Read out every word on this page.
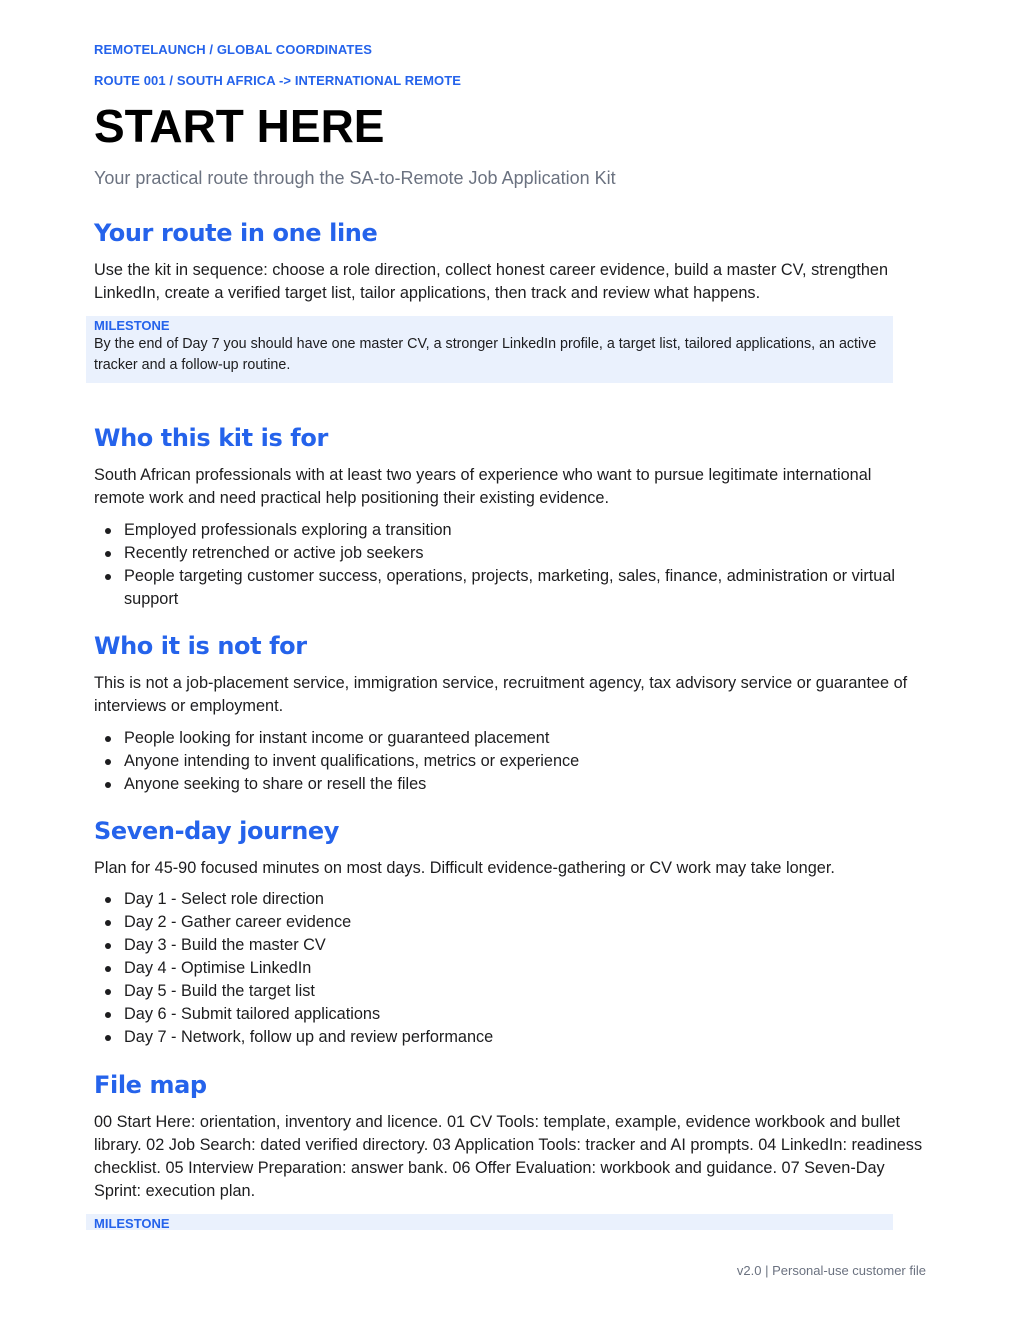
REMOTELAUNCH / GLOBAL COORDINATES
ROUTE 001 / SOUTH AFRICA -> INTERNATIONAL REMOTE
START HERE
Your practical route through the SA-to-Remote Job Application Kit
Your route in one line

Use the kit in sequence: choose a role direction, collect honest career evidence, build a master CV, strengthen LinkedIn, create a verified target list, tailor applications, then track and review what happens.

MILESTONE
By the end of Day 7 you should have one master CV, a stronger LinkedIn profile, a target list, tailored applications, an active tracker and a follow-up routine.
Who this kit is for

South African professionals with at least two years of experience who want to pursue legitimate international remote work and need practical help positioning their existing evidence.

Employed professionals exploring a transition
Recently retrenched or active job seekers
People targeting customer success, operations, projects, marketing, sales, finance, administration or virtual support
Who it is not for

This is not a job-placement service, immigration service, recruitment agency, tax advisory service or guarantee of interviews or employment.

People looking for instant income or guaranteed placement
Anyone intending to invent qualifications, metrics or experience
Anyone seeking to share or resell the files
Seven-day journey

Plan for 45-90 focused minutes on most days. Difficult evidence-gathering or CV work may take longer.

Day 1 - Select role direction
Day 2 - Gather career evidence
Day 3 - Build the master CV
Day 4 - Optimise LinkedIn
Day 5 - Build the target list
Day 6 - Submit tailored applications
Day 7 - Network, follow up and review performance
File map

00 Start Here: orientation, inventory and licence. 01 CV Tools: template, example, evidence workbook and bullet library. 02 Job Search: dated verified directory. 03 Application Tools: tracker and AI prompts. 04 LinkedIn: readiness checklist. 05 Interview Preparation: answer bank. 06 Offer Evaluation: workbook and guidance. 07 Seven-Day Sprint: execution plan.

MILESTONE
v2.0 | Personal-use customer file
